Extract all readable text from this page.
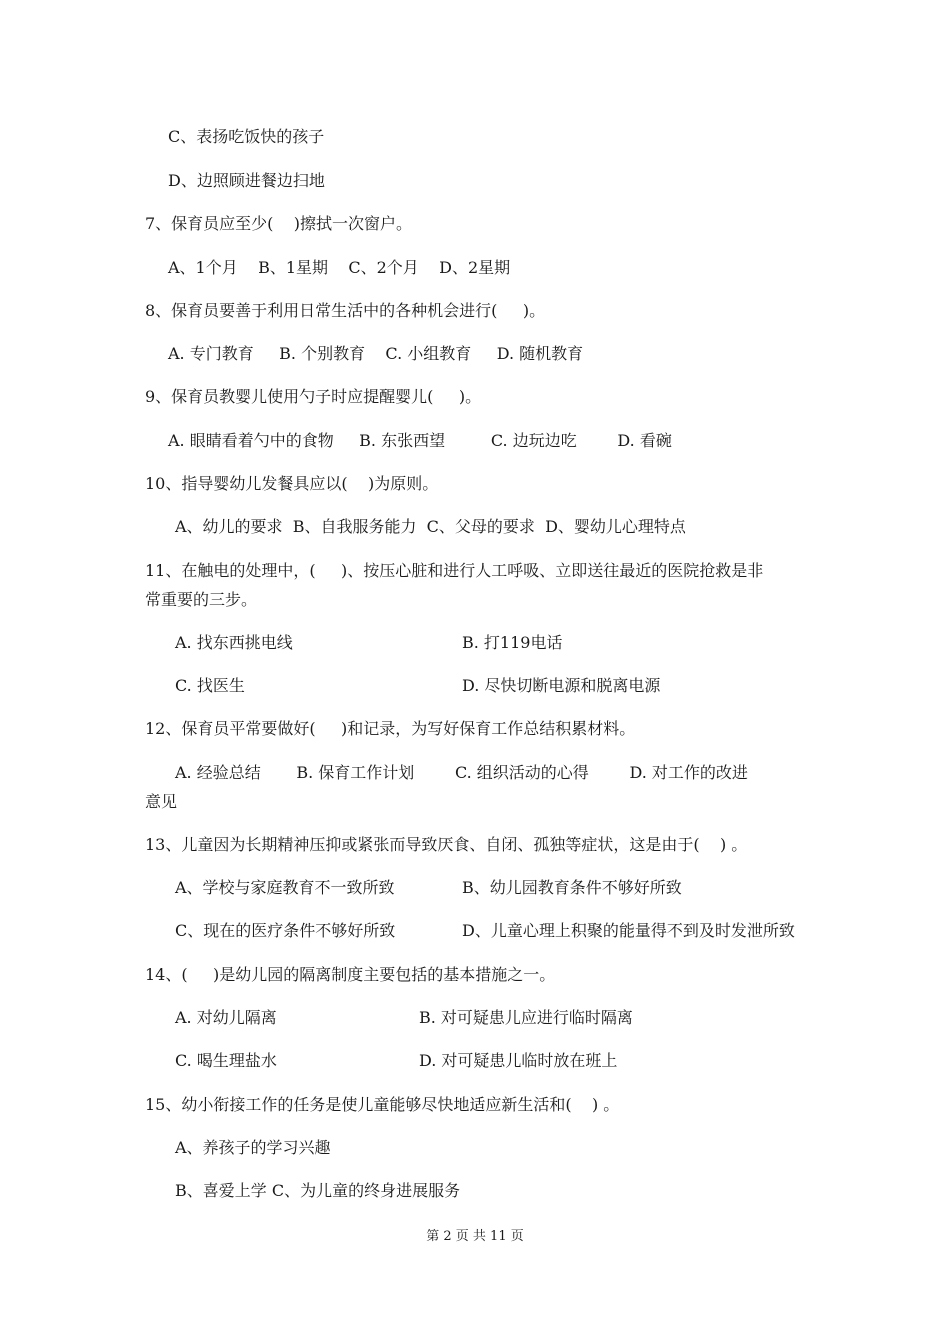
C、表扬吃饭快的孩子
D、边照顾进餐边扫地
7、保育员应至少(    )擦拭一次窗户。
A、1个月    B、1星期    C、2个月    D、2星期
8、保育员要善于利用日常生活中的各种机会进行(     )。
A. 专门教育     B. 个别教育    C. 小组教育     D. 随机教育
9、保育员教婴儿使用勺子时应提醒婴儿(     )。
A. 眼睛看着勺中的食物     B. 东张西望         C. 边玩边吃        D. 看碗
10、指导婴幼儿发餐具应以(    )为原则。
A、幼儿的要求  B、自我服务能力  C、父母的要求  D、婴幼儿心理特点
11、在触电的处理中，(     )、按压心脏和进行人工呼吸、立即送往最近的医院抢救是非
常重要的三步。
A. 找东西挑电线	B. 打119电话
C. 找医生	D. 尽快切断电源和脱离电源
12、保育员平常要做好(     )和记录，为写好保育工作总结积累材料。
A. 经验总结       B. 保育工作计划        C. 组织活动的心得        D. 对工作的改进
意见
13、儿童因为长期精神压抑或紧张而导致厌食、自闭、孤独等症状，这是由于(    ) 。
A、学校与家庭教育不一致所致	B、幼儿园教育条件不够好所致
C、现在的医疗条件不够好所致	D、儿童心理上积聚的能量得不到及时发泄所致
14、(     )是幼儿园的隔离制度主要包括的基本措施之一。
A. 对幼儿隔离	B. 对可疑患儿应进行临时隔离
C. 喝生理盐水	D. 对可疑患儿临时放在班上
15、幼小衔接工作的任务是使儿童能够尽快地适应新生活和(    ) 。
A、养孩子的学习兴趣
B、喜爱上学 C、为儿童的终身进展服务
第 2 页 共 11 页
